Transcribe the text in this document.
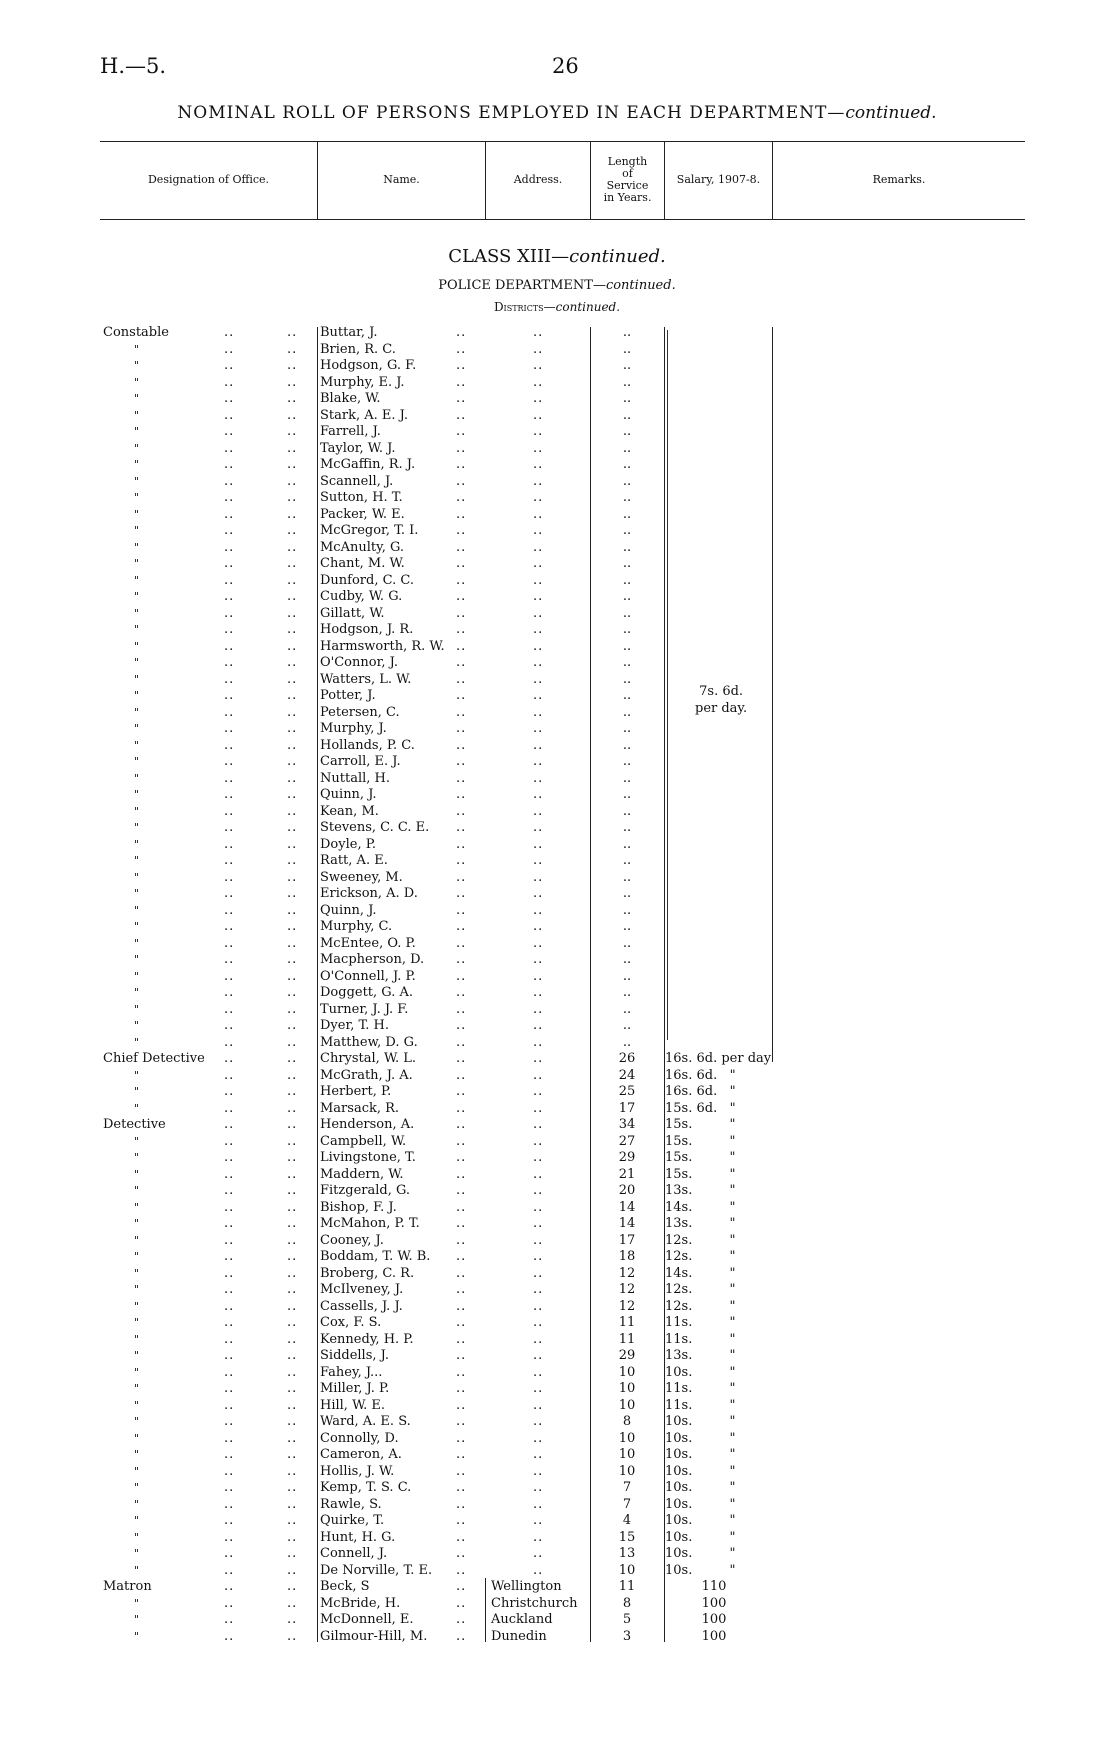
H.—5.	26
NOMINAL ROLL OF PERSONS EMPLOYED IN EACH DEPARTMENT—continued.
Designation of Office.	Name.	Address.
Length
of
Service
in Years.
Salary, 1907-8.	Remarks.
CLASS XIII—continued.
POLICE DEPARTMENT—continued.
Districts—continued.
7s. 6d.
per day.
Constable	..	.. Buttar, J.	..	..	..
"	..	.. Brien, R. C.	..	..	..
"	..	.. Hodgson, G. F.	..	..	..
"	..	.. Murphy, E. J.	..	..	..
"	..	.. Blake, W.	..	..	..
"	..	.. Stark, A. E. J.	..	..	..
"	..	.. Farrell, J.	..	..	..
"	..	.. Taylor, W. J.	..	..	..
"	..	.. McGaffin, R. J.	..	..	..
"	..	.. Scannell, J.	..	..	..
"	..	.. Sutton, H. T.	..	..	..
"	..	.. Packer, W. E.	..	..	..
"	..	.. McGregor, T. I.	..	..	..
"	..	.. McAnulty, G.	..	..	..
"	..	.. Chant, M. W.	..	..	..
"	..	.. Dunford, C. C.	..	..	..
"	..	.. Cudby, W. G.	..	..	..
"	..	.. Gillatt, W.	..	..	..
"	..	.. Hodgson, J. R.	..	..	..
"	..	.. Harmsworth, R. W. ..	..	..
"	..	.. O'Connor, J.	..	..	..
"	..	.. Watters, L. W.	..	..	..
"	..	.. Potter, J.	..	..	..
"	..	.. Petersen, C.	..	..	..
"	..	.. Murphy, J.	..	..	..
"	..	.. Hollands, P. C.	..	..	..
"	..	.. Carroll, E. J.	..	..	..
"	..	.. Nuttall, H.	..	..	..
"	..	.. Quinn, J.	..	..	..
"	..	.. Kean, M.	..	..	..
"	..	.. Stevens, C. C. E. ..	..	..
"	..	.. Doyle, P.	..	..	..
"	..	.. Ratt, A. E.	..	..	..
"	..	.. Sweeney, M.	..	..	..
"	..	.. Erickson, A. D.	..	..	..
"	..	.. Quinn, J.	..	..	..
"	..	.. Murphy, C.	..	..	..
"	..	.. McEntee, O. P.	..	..	..
"	..	.. Macpherson, D. ..	..	..
"	..	.. O'Connell, J. P.	..	..	..
"	..	.. Doggett, G. A.	..	..	..
"	..	.. Turner, J. J. F.	..	..	..
"	..	.. Dyer, T. H.	..	..	..
"	..	.. Matthew, D. G.	..	..	..
Chief Detective ..	.. Chrystal, W. L.	..	..	26	16s. 6d. per day
"	..	.. McGrath, J. A.	..	..	24	16s. 6d.   "
"	..	.. Herbert, P.	..	..	25	16s. 6d.   "
"	..	.. Marsack, R.	..	..	17	15s. 6d.   "
Detective	..	.. Henderson, A.	..	..	34	15s.         "
"	..	.. Campbell, W.	..	..	27	15s.         "
"	..	.. Livingstone, T.	..	..	29	15s.         "
"	..	.. Maddern, W.	..	..	21	15s.         "
"	..	.. Fitzgerald, G.	..	..	20	13s.         "
"	..	.. Bishop, F. J.	..	..	14	14s.         "
"	..	.. McMahon, P. T.	..	..	14	13s.         "
"	..	.. Cooney, J.	..	..	17	12s.         "
"	..	.. Boddam, T. W. B. ..	..	18	12s.         "
"	..	.. Broberg, C. R.	..	..	12	14s.         "
"	..	.. McIlveney, J.	..	..	12	12s.         "
"	..	.. Cassells, J. J.	..	..	12	12s.         "
"	..	.. Cox, F. S.	..	..	11	11s.         "
"	..	.. Kennedy, H. P.	..	..	11	11s.         "
"	..	.. Siddells, J.	..	..	29	13s.         "
"	..	.. Fahey, J...	..	..	10	10s.         "
"	..	.. Miller, J. P.	..	..	10	11s.         "
"	..	.. Hill, W. E.	..	..	10	11s.         "
"	..	.. Ward, A. E. S.	..	..	8	10s.         "
"	..	.. Connolly, D.	..	..	10	10s.         "
"	..	.. Cameron, A.	..	..	10	10s.         "
"	..	.. Hollis, J. W.	..	..	10	10s.         "
"	..	.. Kemp, T. S. C.	..	..	7	10s.         "
"	..	.. Rawle, S.	..	..	7	10s.         "
"	..	.. Quirke, T.	..	..	4	10s.         "
"	..	.. Hunt, H. G.	..	..	15	10s.         "
"	..	.. Connell, J.	..	..	13	10s.         "
"	..	.. De Norville, T. E. ..	..	10	10s.         "
Matron	..	.. Beck, S	.. Wellington	11	110
"	..	.. McBride, H.	.. Christchurch	8	100
"	..	.. McDonnell, E.	.. Auckland	5	100
"	..	.. Gilmour-Hill, M. .. Dunedin	3	100
